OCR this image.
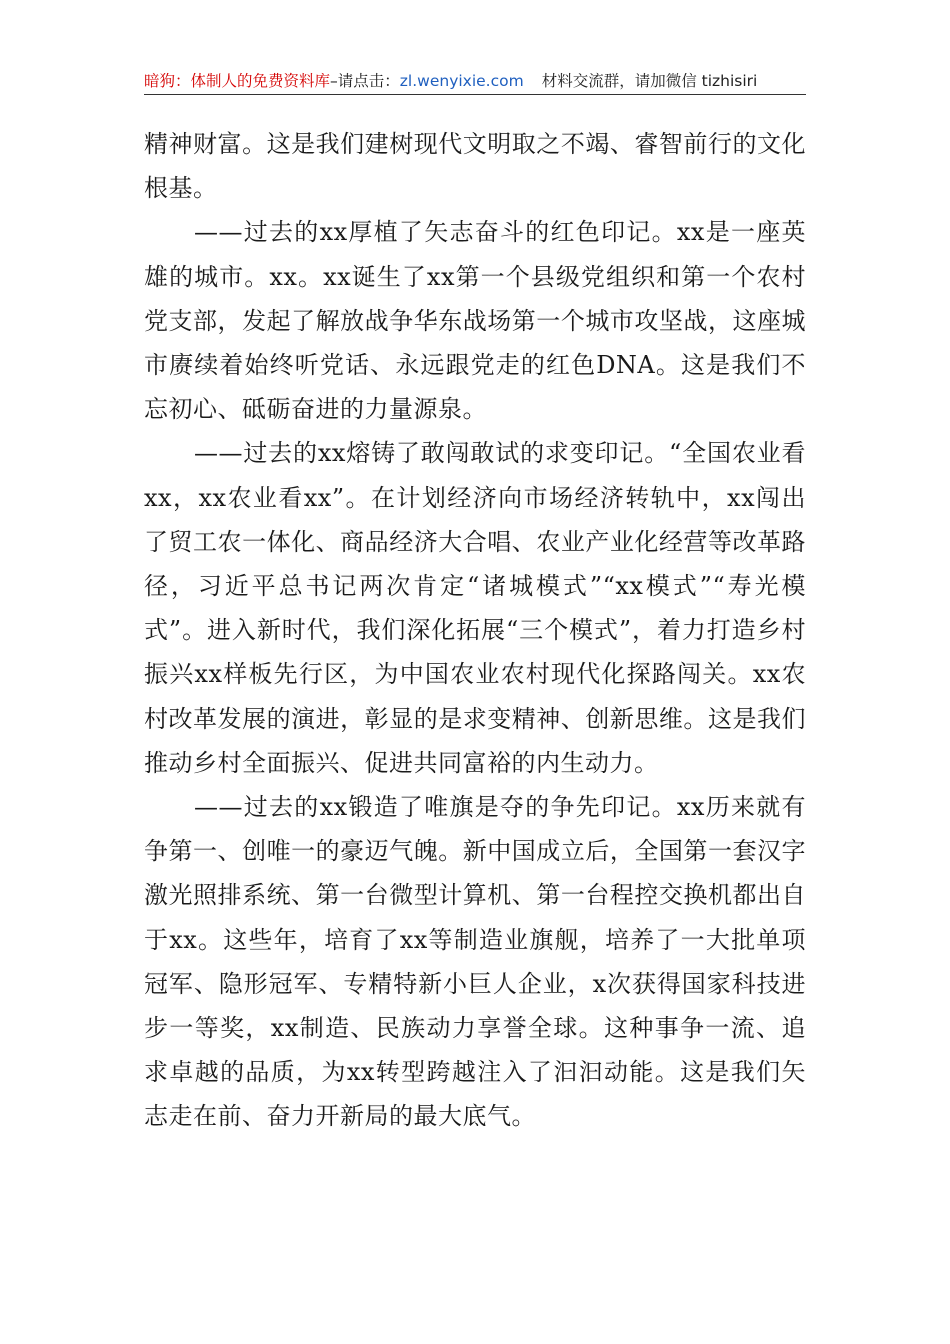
暗狗：体制人的免费资料库–请点击：zl.wenyixie.com 材料交流群，请加微信 tizhisiri

精神财富。这是我们建树现代文明取之不竭、睿智前行的文化根基。

——过去的xx厚植了矢志奋斗的红色印记。xx是一座英雄的城市。xx。xx诞生了xx第一个县级党组织和第一个农村党支部，发起了解放战争华东战场第一个城市攻坚战，这座城市赓续着始终听党话、永远跟党走的红色DNA。这是我们不忘初心、砥砺奋进的力量源泉。

——过去的xx熔铸了敢闯敢试的求变印记。“全国农业看xx，xx农业看xx”。在计划经济向市场经济转轨中，xx闯出了贸工农一体化、商品经济大合唱、农业产业化经营等改革路径，习近平总书记两次肯定“诸城模式”“xx模式”“寿光模式”。进入新时代，我们深化拓展“三个模式”，着力打造乡村振兴xx样板先行区，为中国农业农村现代化探路闯关。xx农村改革发展的演进，彰显的是求变精神、创新思维。这是我们推动乡村全面振兴、促进共同富裕的内生动力。

——过去的xx锻造了唯旗是夺的争先印记。xx历来就有争第一、创唯一的豪迈气魄。新中国成立后，全国第一套汉字激光照排系统、第一台微型计算机、第一台程控交换机都出自于xx。这些年，培育了xx等制造业旗舰，培养了一大批单项冠军、隐形冠军、专精特新小巨人企业，x次获得国家科技进步一等奖，xx制造、民族动力享誉全球。这种事争一流、追求卓越的品质，为xx转型跨越注入了汩汩动能。这是我们矢志走在前、奋力开新局的最大底气。
